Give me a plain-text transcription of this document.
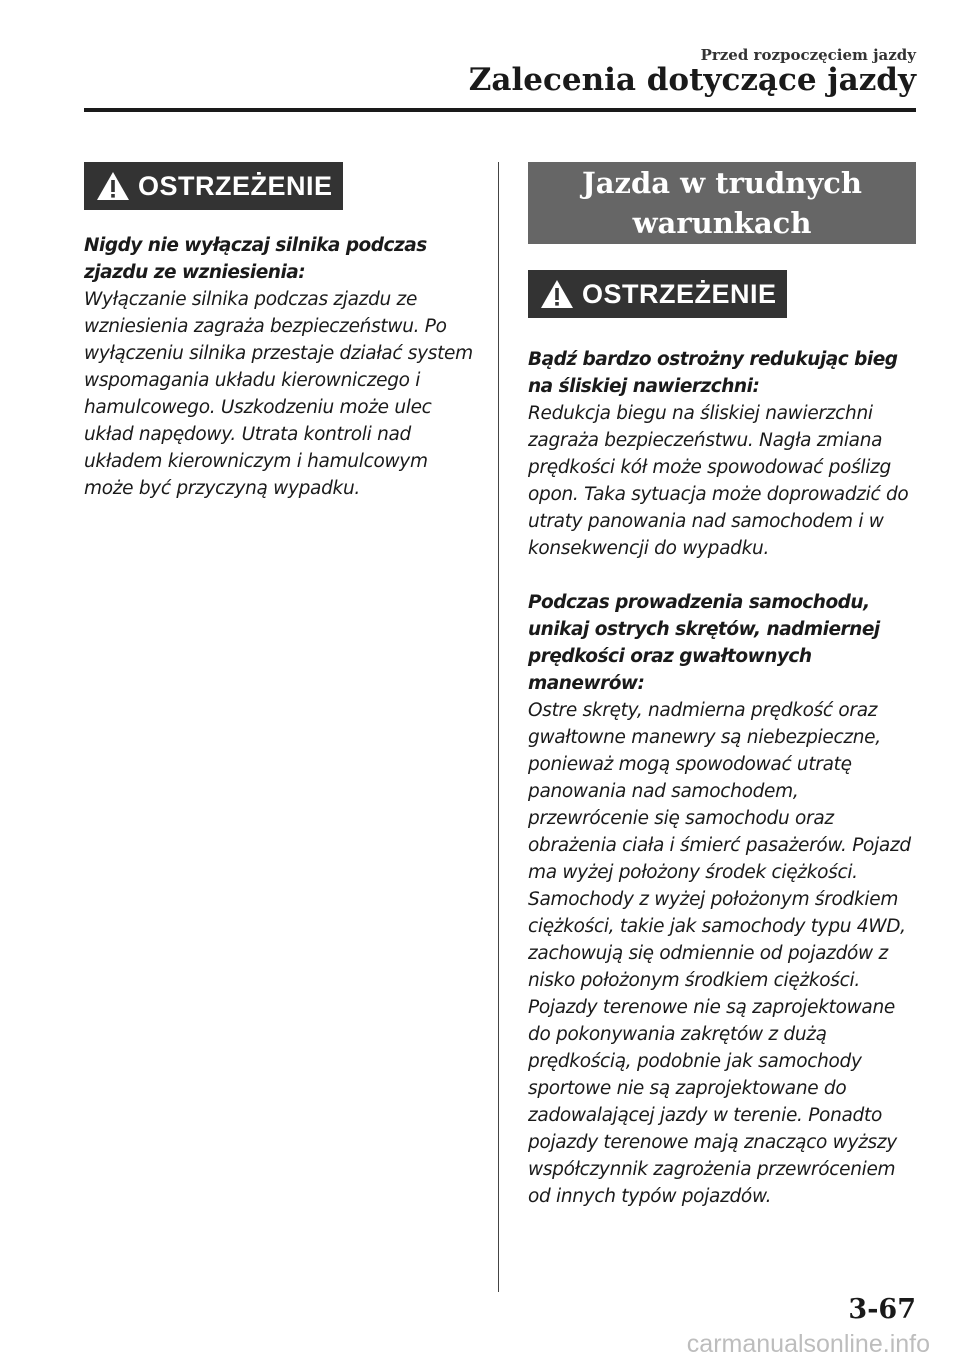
Przed rozpoczęciem jazdy

Zalecenia dotyczące jazdy
OSTRZEŻENIE

Nigdy nie wyłączaj silnika podczas zjazdu ze wzniesienia:

Wyłączanie silnika podczas zjazdu ze wzniesienia zagraża bezpieczeństwu. Po wyłączeniu silnika przestaje działać system wspomagania układu kierowniczego i hamulcowego. Uszkodzeniu może ulec układ napędowy. Utrata kontroli nad układem kierowniczym i hamulcowym może być przyczyną wypadku.

Jazda w trudnych warunkach
OSTRZEŻENIE

Bądź bardzo ostrożny redukując bieg na śliskiej nawierzchni:

Redukcja biegu na śliskiej nawierzchni zagraża bezpieczeństwu. Nagła zmiana prędkości kół może spowodować poślizg opon. Taka sytuacja może doprowadzić do utraty panowania nad samochodem i w konsekwencji do wypadku.

Podczas prowadzenia samochodu, unikaj ostrych skrętów, nadmiernej prędkości oraz gwałtownych manewrów:

Ostre skręty, nadmierna prędkość oraz gwałtowne manewry są niebezpieczne, ponieważ mogą spowodować utratę panowania nad samochodem, przewrócenie się samochodu oraz obrażenia ciała i śmierć pasażerów. Pojazd ma wyżej położony środek ciężkości. Samochody z wyżej położonym środkiem ciężkości, takie jak samochody typu 4WD, zachowują się odmiennie od pojazdów z nisko położonym środkiem ciężkości. Pojazdy terenowe nie są zaprojektowane do pokonywania zakrętów z dużą prędkością, podobnie jak samochody sportowe nie są zaprojektowane do zadowalającej jazdy w terenie. Ponadto pojazdy terenowe mają znacząco wyższy współczynnik zagrożenia przewróceniem od innych typów pojazdów.

3-67

carmanualsonline.info
